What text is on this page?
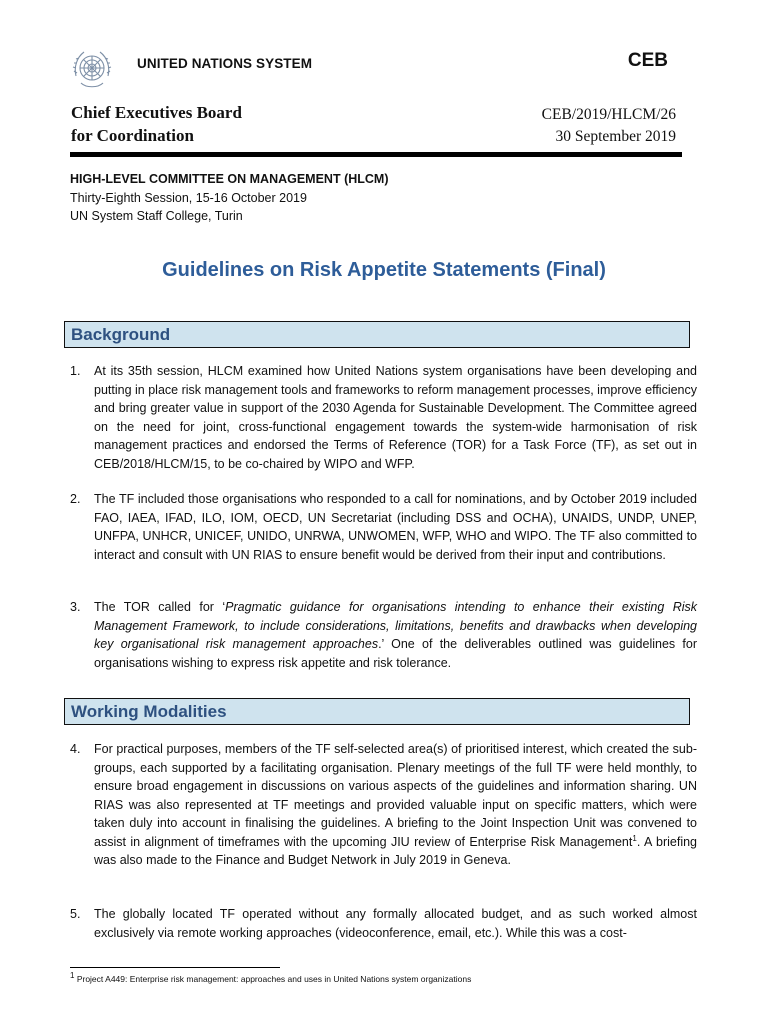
UNITED NATIONS SYSTEM	CEB
Chief Executives Board
for Coordination
CEB/2019/HLCM/26
30 September 2019
HIGH-LEVEL COMMITTEE ON MANAGEMENT (HLCM)
Thirty-Eighth Session, 15-16 October 2019
UN System Staff College, Turin
Guidelines on Risk Appetite Statements (Final)
Background
1.	At its 35th session, HLCM examined how United Nations system organisations have been developing and putting in place risk management tools and frameworks to reform management processes, improve efficiency and bring greater value in support of the 2030 Agenda for Sustainable Development. The Committee agreed on the need for joint, cross-functional engagement towards the system-wide harmonisation of risk management practices and endorsed the Terms of Reference (TOR) for a Task Force (TF), as set out in CEB/2018/HLCM/15, to be co-chaired by WIPO and WFP.
2.	The TF included those organisations who responded to a call for nominations, and by October 2019 included FAO, IAEA, IFAD, ILO, IOM, OECD, UN Secretariat (including DSS and OCHA), UNAIDS, UNDP, UNEP, UNFPA, UNHCR, UNICEF, UNIDO, UNRWA, UNWOMEN, WFP, WHO and WIPO. The TF also committed to interact and consult with UN RIAS to ensure benefit would be derived from their input and contributions.
3.	The TOR called for ‘Pragmatic guidance for organisations intending to enhance their existing Risk Management Framework, to include considerations, limitations, benefits and drawbacks when developing key organisational risk management approaches.’ One of the deliverables outlined was guidelines for organisations wishing to express risk appetite and risk tolerance.
Working Modalities
4.	For practical purposes, members of the TF self-selected area(s) of prioritised interest, which created the sub-groups, each supported by a facilitating organisation. Plenary meetings of the full TF were held monthly, to ensure broad engagement in discussions on various aspects of the guidelines and information sharing. UN RIAS was also represented at TF meetings and provided valuable input on specific matters, which were taken duly into account in finalising the guidelines. A briefing to the Joint Inspection Unit was convened to assist in alignment of timeframes with the upcoming JIU review of Enterprise Risk Management$^1$. A briefing was also made to the Finance and Budget Network in July 2019 in Geneva.
5.	The globally located TF operated without any formally allocated budget, and as such worked almost exclusively via remote working approaches (videoconference, email, etc.). While this was a cost-
$^1$ Project A449: Enterprise risk management: approaches and uses in United Nations system organizations
